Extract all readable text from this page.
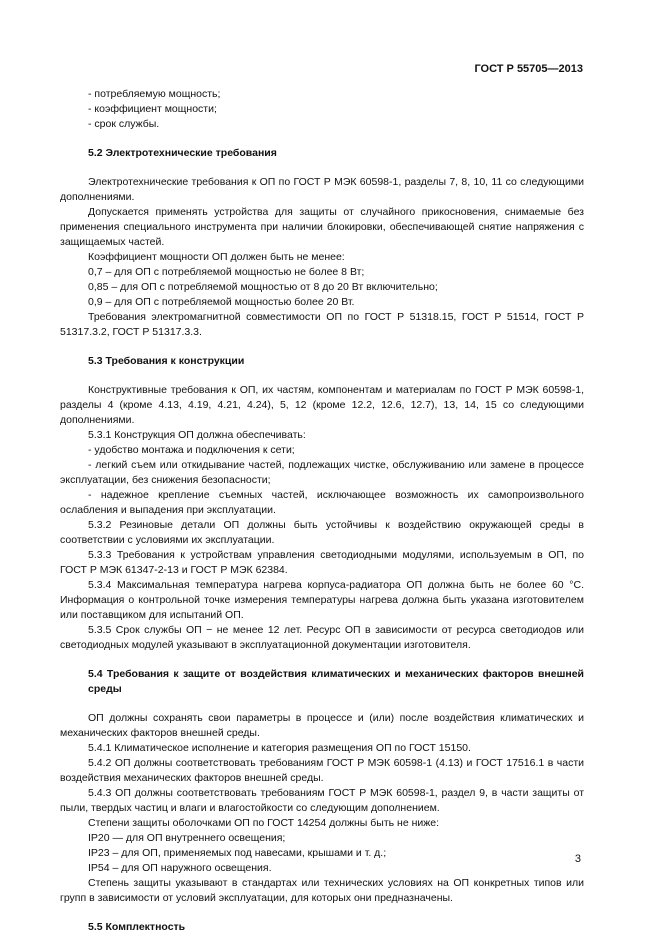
ГОСТ Р 55705—2013

- потребляемую мощность;

- коэффициент мощности;

- срок службы.

5.2 Электротехнические требования

Электротехнические требования к ОП по ГОСТ Р МЭК 60598-1, разделы 7, 8, 10, 11 со следующими дополнениями.

Допускается применять устройства для защиты от случайного прикосновения, снимаемые без применения специального инструмента при наличии блокировки, обеспечивающей снятие напряжения с защищаемых частей.

Коэффициент мощности ОП должен быть не менее:

0,7 – для ОП с потребляемой мощностью не более 8 Вт;

0,85 – для ОП с потребляемой мощностью от 8 до 20 Вт включительно;

0,9 – для ОП с потребляемой мощностью более 20 Вт.

Требования электромагнитной совместимости ОП по ГОСТ Р 51318.15, ГОСТ Р 51514, ГОСТ Р 51317.3.2, ГОСТ Р 51317.3.3.

5.3 Требования к конструкции

Конструктивные требования к ОП, их частям, компонентам и материалам по ГОСТ Р МЭК 60598-1, разделы 4 (кроме 4.13, 4.19, 4.21, 4.24), 5, 12 (кроме 12.2, 12.6, 12.7), 13, 14, 15 со следующими дополнениями.

5.3.1 Конструкция ОП должна обеспечивать:

- удобство монтажа и подключения к сети;

- легкий съем или откидывание частей, подлежащих чистке, обслуживанию или замене в процессе эксплуатации, без снижения безопасности;

- надежное крепление съемных частей, исключающее возможность их самопроизвольного ослабления и выпадения при эксплуатации.

5.3.2 Резиновые детали ОП должны быть устойчивы к воздействию окружающей среды в соответствии с условиями их эксплуатации.

5.3.3 Требования к устройствам управления светодиодными модулями, используемым в ОП, по ГОСТ Р МЭК 61347-2-13 и ГОСТ Р МЭК 62384.

5.3.4 Максимальная температура нагрева корпуса-радиатора ОП должна быть не более 60 °С. Информация о контрольной точке измерения температуры нагрева должна быть указана изготовителем или поставщиком для испытаний ОП.

5.3.5 Срок службы ОП − не менее 12 лет. Ресурс ОП в зависимости от ресурса светодиодов или светодиодных модулей указывают в эксплуатационной документации изготовителя.

5.4 Требования к защите от воздействия климатических и механических факторов внешней среды

ОП должны сохранять свои параметры в процессе и (или) после воздействия климатических и механических факторов внешней среды.

5.4.1 Климатическое исполнение и категория размещения ОП по ГОСТ 15150.

5.4.2 ОП должны соответствовать требованиям ГОСТ Р МЭК 60598-1 (4.13) и ГОСТ 17516.1 в части воздействия механических факторов внешней среды.

5.4.3 ОП должны соответствовать требованиям ГОСТ Р МЭК 60598-1, раздел 9, в части защиты от пыли, твердых частиц и влаги и влагостойкости со следующим дополнением.

Степени защиты оболочками ОП по ГОСТ 14254 должны быть не ниже:

IP20 — для ОП внутреннего освещения;

IP23 – для ОП, применяемых под навесами, крышами и т. д.;

IP54 – для ОП наружного освещения.

Степень защиты указывают в стандартах или технических условиях на ОП конкретных типов или групп в зависимости от условий эксплуатации, для которых они предназначены.

5.5 Комплектность

3
